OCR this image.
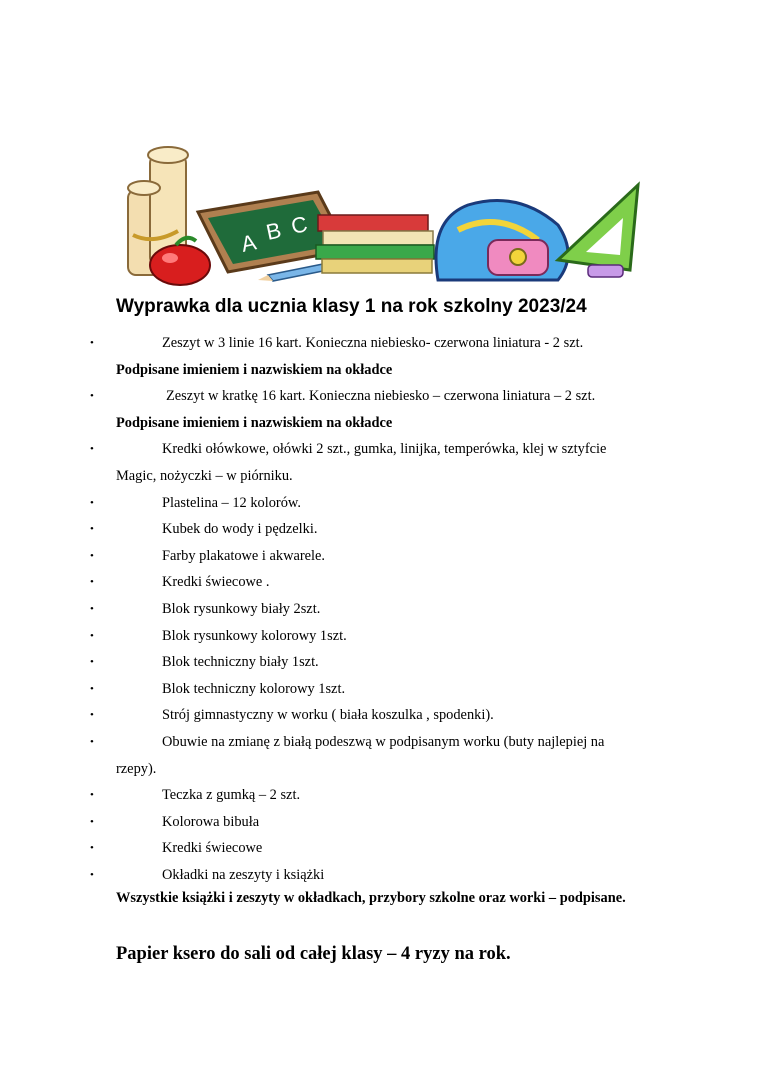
A B C
Wyprawka dla ucznia klasy 1 na rok szkolny 2023/24
•	Zeszyt w 3 linie 16 kart. Konieczna niebiesko- czerwona liniatura - 2 szt.
Podpisane imieniem i nazwiskiem na okładce
•	Zeszyt w kratkę 16 kart. Konieczna niebiesko – czerwona liniatura – 2 szt.
Podpisane imieniem i nazwiskiem na okładce
•	Kredki ołówkowe, ołówki 2 szt., gumka, linijka, temperówka, klej w sztyfcie
Magic, nożyczki – w piórniku.
•	Plastelina – 12 kolorów.
•	Kubek do wody i pędzelki.
•	Farby plakatowe i akwarele.
•	Kredki świecowe .
•	Blok rysunkowy biały 2szt.
•	Blok rysunkowy kolorowy 1szt.
•	Blok techniczny biały 1szt.
•	Blok techniczny kolorowy 1szt.
•	Strój gimnastyczny w worku ( biała koszulka , spodenki).
•	Obuwie na zmianę z białą podeszwą w podpisanym worku (buty najlepiej na
rzepy).
•	Teczka z gumką – 2 szt.
•	Kolorowa bibuła
•	Kredki świecowe
•	Okładki na zeszyty i książki
Wszystkie książki i zeszyty w okładkach, przybory szkolne oraz worki – podpisane.
Papier ksero do sali od całej klasy – 4 ryzy na rok.
